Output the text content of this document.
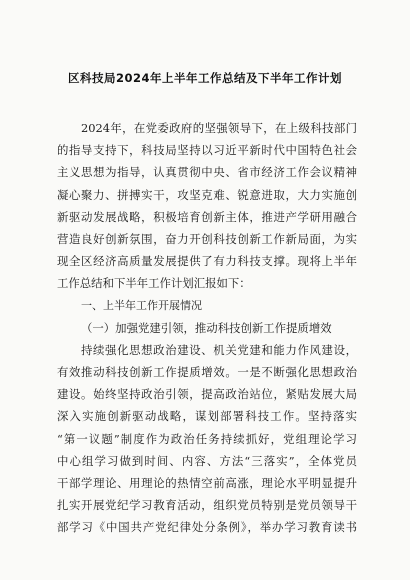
区科技局2024年上半年工作总结及下半年工作计划
2024年，在党委政府的坚强领导下，在上级科技部门
的指导支持下，科技局坚持以习近平新时代中国特色社会
主义思想为指导，认真贯彻中央、省市经济工作会议精神
凝心聚力、拼搏实干，攻坚克难、锐意进取，大力实施创
新驱动发展战略，积极培育创新主体，推进产学研用融合
营造良好创新氛围，奋力开创科技创新工作新局面，为实
现全区经济高质量发展提供了有力科技支撑。现将上半年
工作总结和下半年工作计划汇报如下：
一、上半年工作开展情况
（一）加强党建引领，推动科技创新工作提质增效
持续强化思想政治建设、机关党建和能力作风建设，
有效推动科技创新工作提质增效。一是不断强化思想政治
建设。始终坚持政治引领，提高政治站位，紧贴发展大局
深入实施创新驱动战略，谋划部署科技工作。坚持落实
“第一议题”制度作为政治任务持续抓好，党组理论学习
中心组学习做到时间、内容、方法“三落实”，全体党员
干部学理论、用理论的热情空前高涨，理论水平明显提升
扎实开展党纪学习教育活动，组织党员特别是党员领导干
部学习《中国共产党纪律处分条例》，举办学习教育读书
